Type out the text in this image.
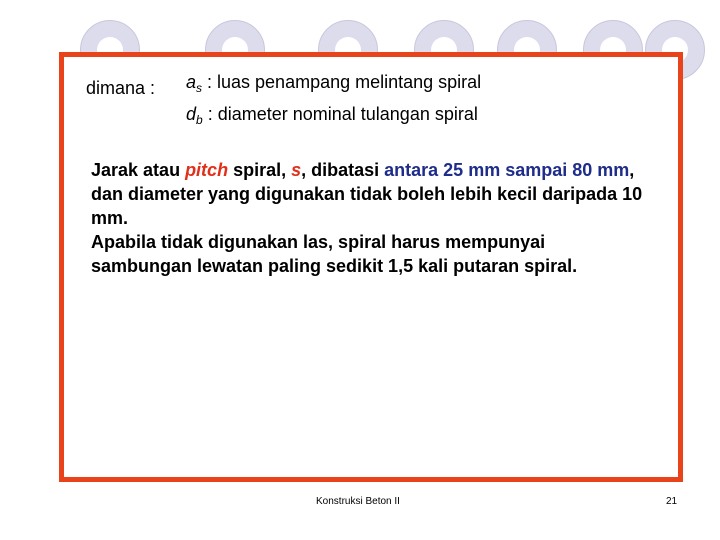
dimana : $a_s$ : luas penampang melintang spiral
$d_b$ : diameter nominal tulangan spiral
Jarak atau pitch spiral, s, dibatasi antara 25 mm sampai 80 mm, dan diameter yang digunakan tidak boleh lebih kecil daripada 10 mm.
Apabila tidak digunakan las, spiral harus mempunyai sambungan lewatan paling sedikit 1,5 kali putaran spiral.
Konstruksi Beton II	21
